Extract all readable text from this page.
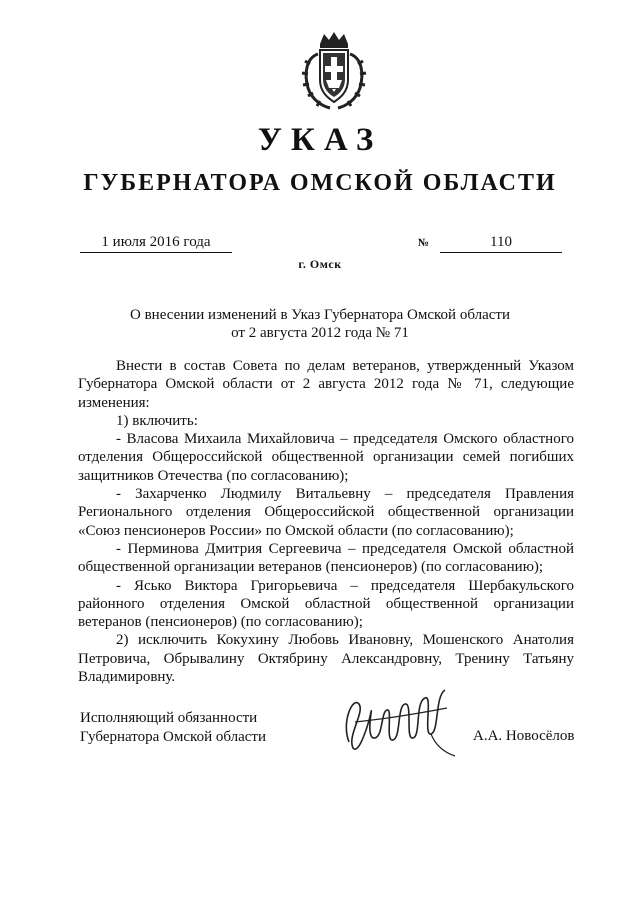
УКАЗ
ГУБЕРНАТОРА ОМСКОЙ ОБЛАСТИ
1 июля 2016 года	№	110
г. Омск
О внесении изменений в Указ Губернатора Омской области
от 2 августа 2012 года № 71

Внести в состав Совета по делам ветеранов, утвержденный Указом Губернатора Омской области от 2 августа 2012 года № 71, следующие изменения:

1) включить:

- Власова Михаила Михайловича – председателя Омского областного отделения Общероссийской общественной организации семей погибших защитников Отечества (по согласованию);

- Захарченко Людмилу Витальевну – председателя Правления Регионального отделения Общероссийской общественной организации «Союз пенсионеров России» по Омской области (по согласованию);

- Перминова Дмитрия Сергеевича – председателя Омской областной общественной организации ветеранов (пенсионеров) (по согласованию);

- Ясько Виктора Григорьевича – председателя Шербакульского районного отделения Омской областной общественной организации ветеранов (пенсионеров) (по согласованию);

2) исключить Кокухину Любовь Ивановну, Мошенского Анатолия Петровича, Обрывалину Октябрину Александровну, Тренину Татьяну Владимировну.

Исполняющий обязанности
Губернатора Омской области	А.А. Новосёлов
